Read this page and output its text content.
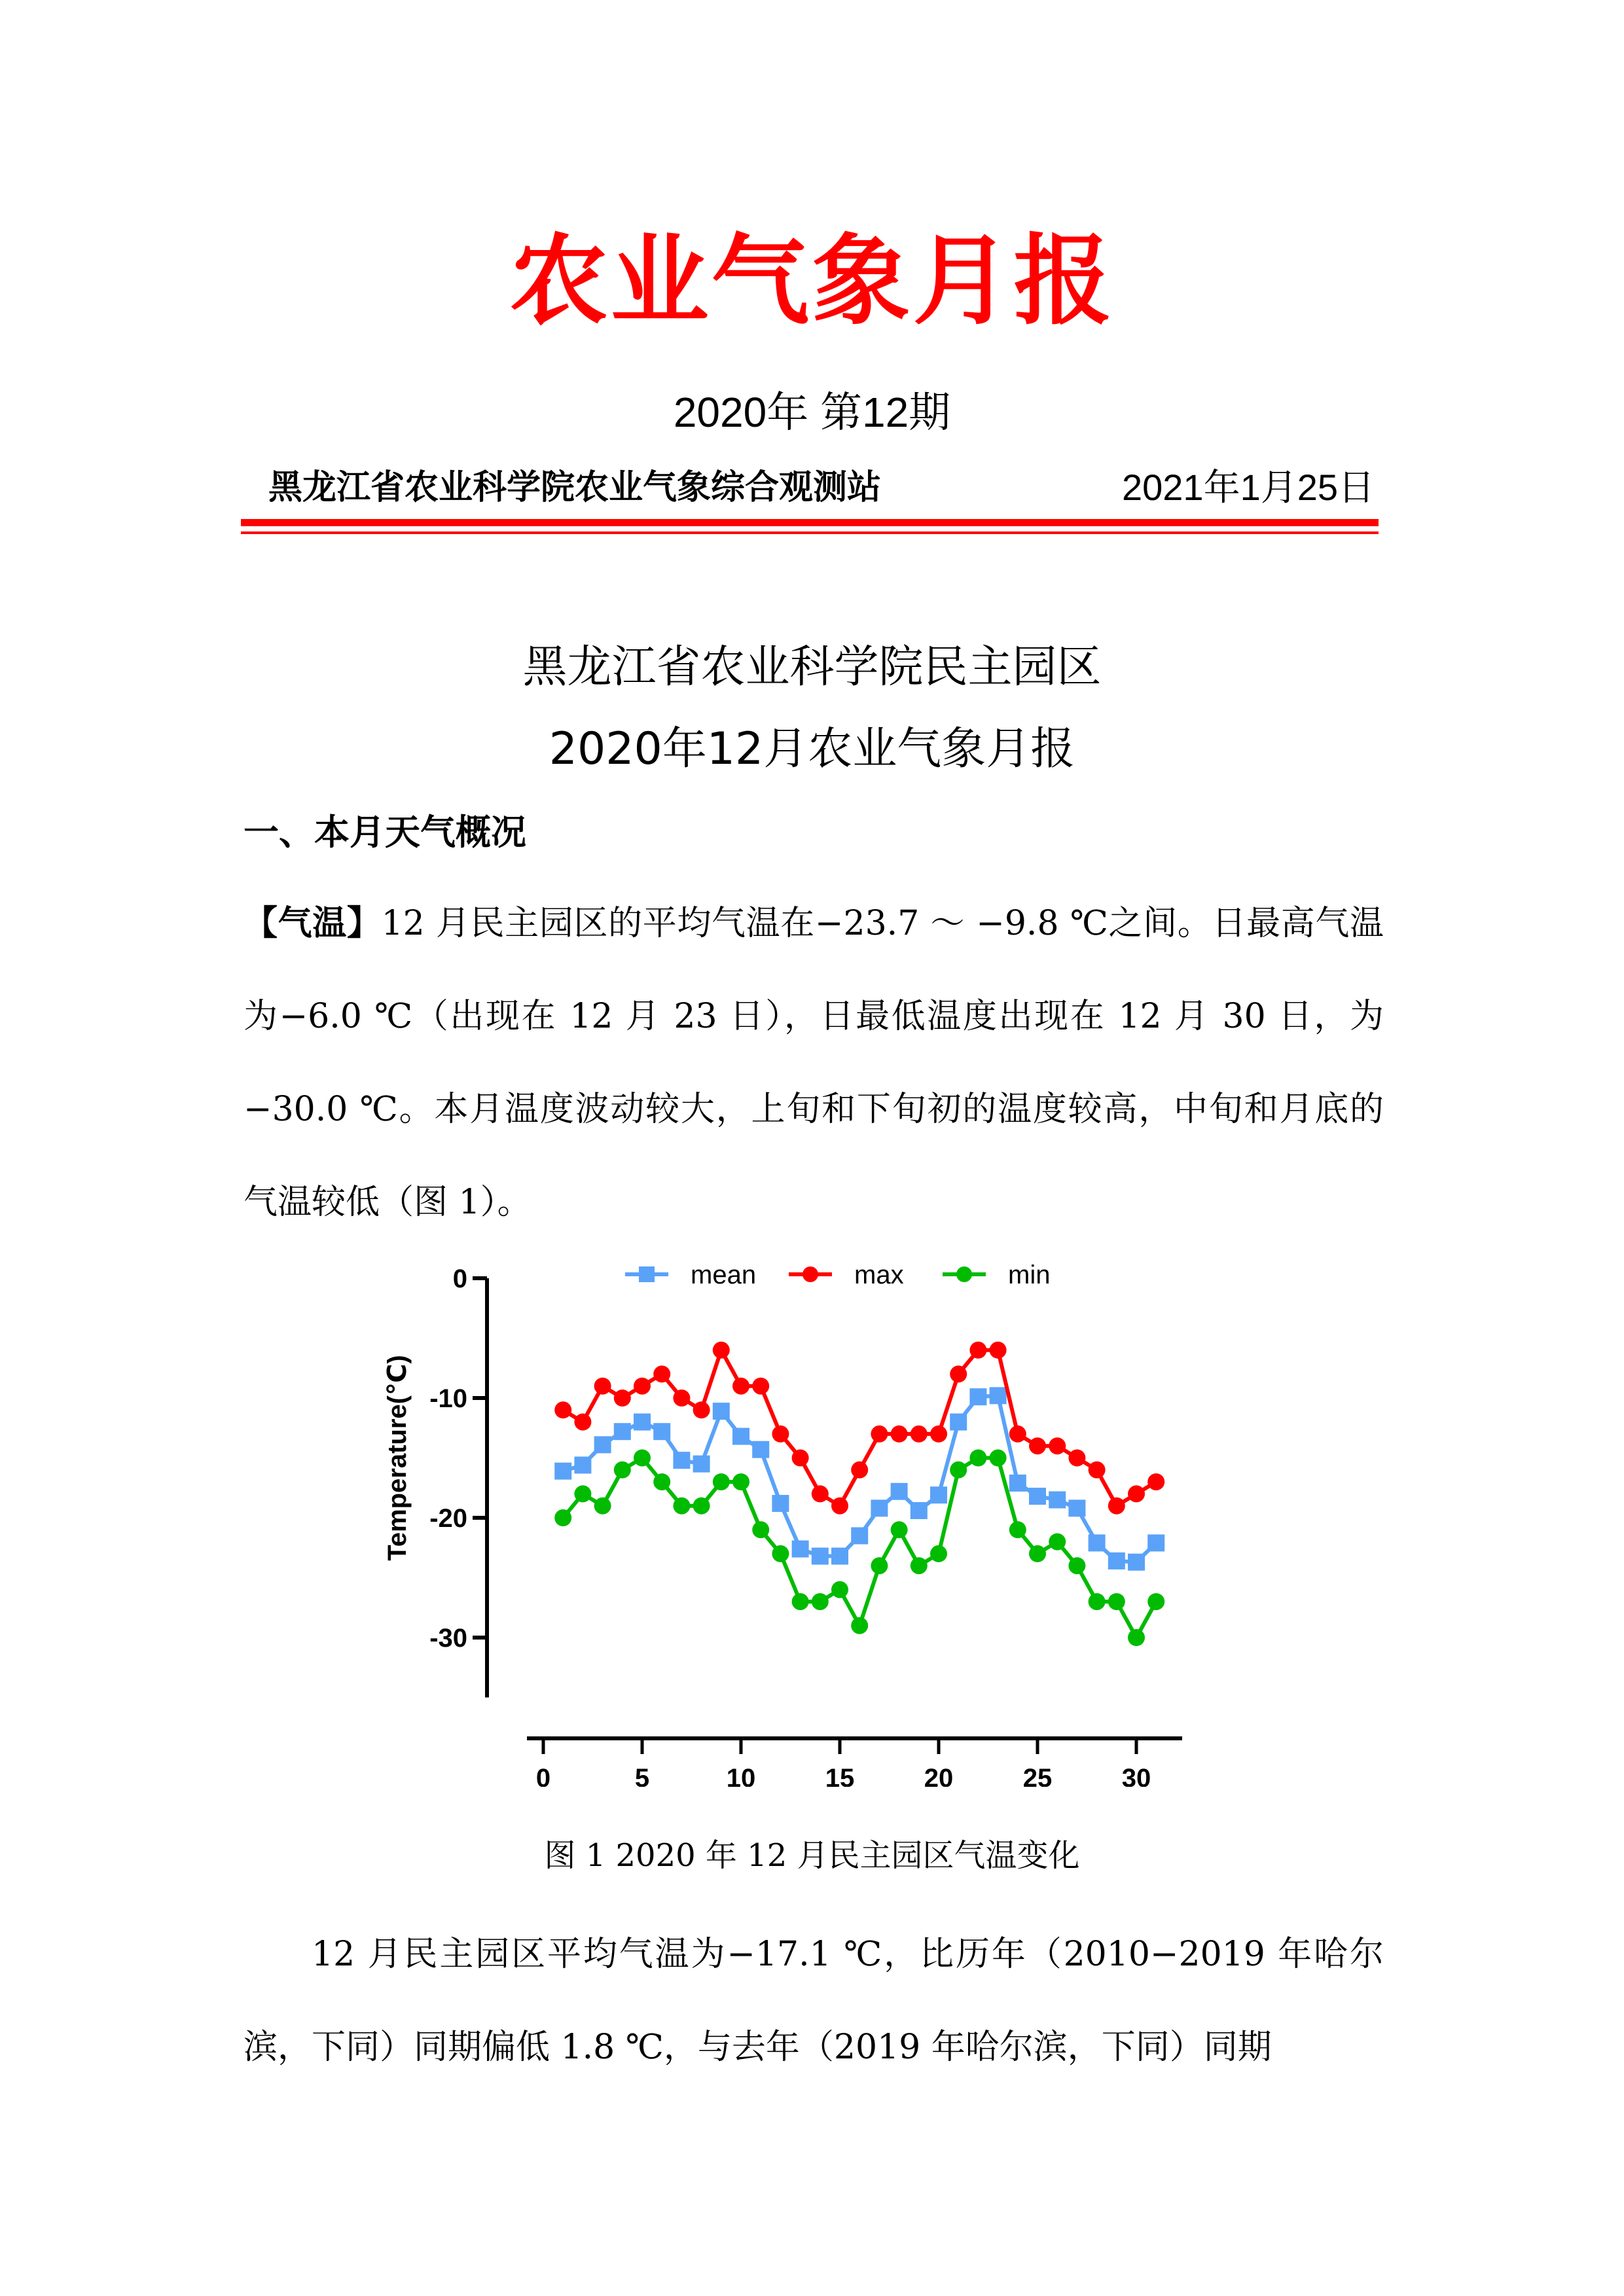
农业气象月报
2020年 第12期
黑龙江省农业科学院农业气象综合观测站	2021年1月25日
黑龙江省农业科学院民主园区
2020年12月农业气象月报
一、本月天气概况
【气温】12 月民主园区的平均气温在−23.7 ～ −9.8 ℃之间。日最高气温为−6.0 ℃（出现在 12 月 23 日），日最低温度出现在 12 月 30 日，为−30.0 ℃。本月温度波动较大，上旬和下旬初的温度较高，中旬和月底的气温较低（图 1）。
0
-10
-20
-30
Temperature(℃)
0	5	10	15	20	25	30
mean	max	min
图 1 2020 年 12 月民主园区气温变化
12 月民主园区平均气温为−17.1 ℃，比历年（2010−2019 年哈尔滨，下同）同期偏低 1.8 ℃，与去年（2019 年哈尔滨，下同）同期
